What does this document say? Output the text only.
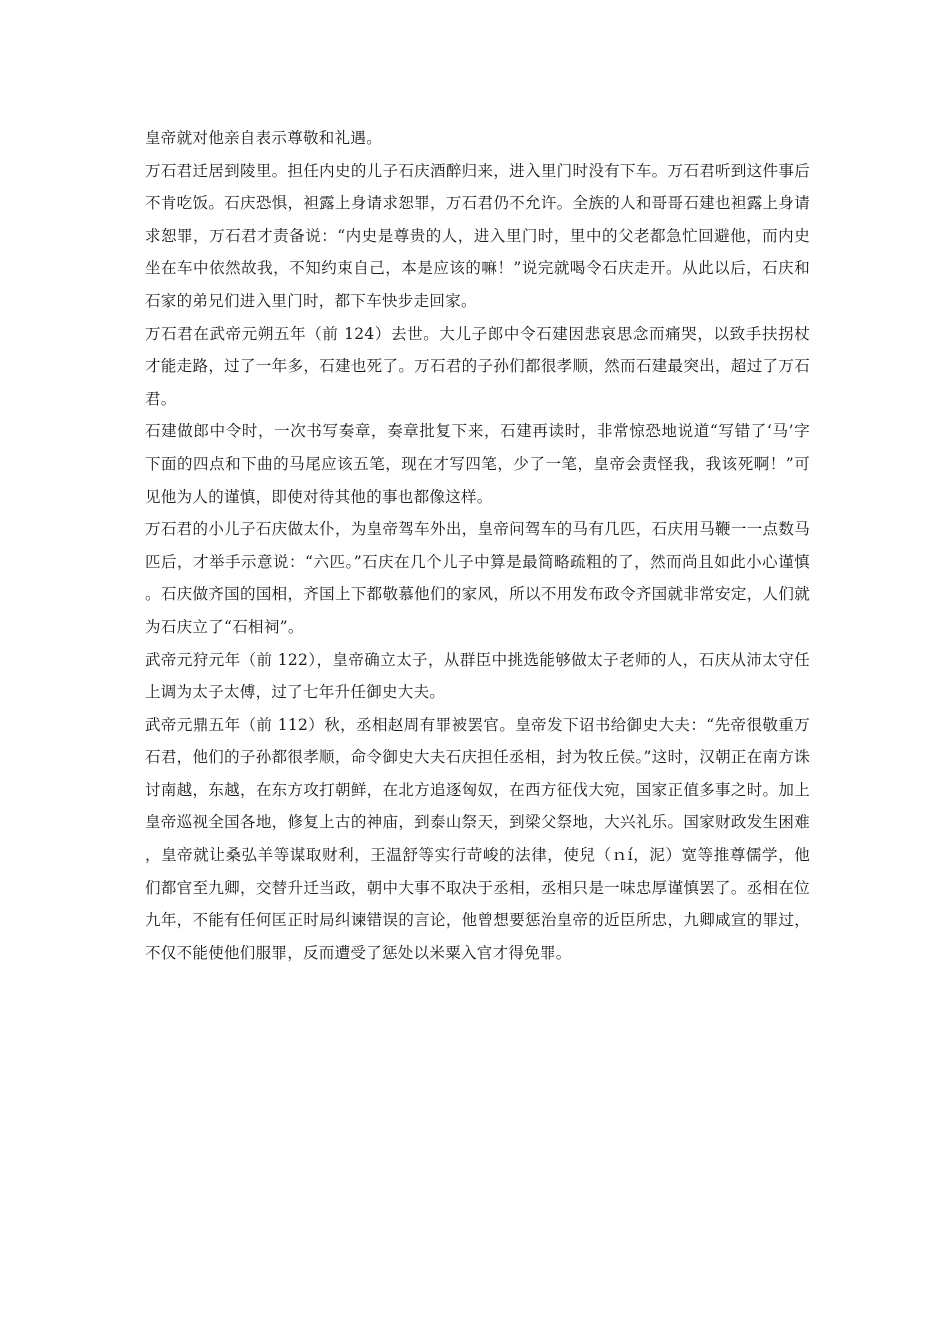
皇帝就对他亲自表示尊敬和礼遇。

万石君迁居到陵里。担任内史的儿子石庆酒醉归来，进入里门时没有下车。万石君听到这件事后不肯吃饭。石庆恐惧，袒露上身请求恕罪，万石君仍不允许。全族的人和哥哥石建也袒露上身请求恕罪，万石君才责备说：“内史是尊贵的人，进入里门时，里中的父老都急忙回避他，而内史坐在车中依然故我，不知约束自己，本是应该的嘛！”说完就喝令石庆走开。从此以后，石庆和石家的弟兄们进入里门时，都下车快步走回家。

万石君在武帝元朔五年（前 124）去世。大儿子郎中令石建因悲哀思念而痛哭，以致手扶拐杖才能走路，过了一年多，石建也死了。万石君的子孙们都很孝顺，然而石建最突出，超过了万石君。

石建做郎中令时，一次书写奏章，奏章批复下来，石建再读时，非常惊恐地说道“写错了‘马’字下面的四点和下曲的马尾应该五笔，现在才写四笔，少了一笔，皇帝会责怪我，我该死啊！”可见他为人的谨慎，即使对待其他的事也都像这样。

万石君的小儿子石庆做太仆，为皇帝驾车外出，皇帝问驾车的马有几匹，石庆用马鞭一一点数马匹后，才举手示意说：“六匹。”石庆在几个儿子中算是最简略疏粗的了，然而尚且如此小心谨慎。石庆做齐国的国相，齐国上下都敬慕他们的家风，所以不用发布政令齐国就非常安定，人们就为石庆立了“石相祠”。

武帝元狩元年（前 122），皇帝确立太子，从群臣中挑选能够做太子老师的人，石庆从沛太守任上调为太子太傅，过了七年升任御史大夫。

武帝元鼎五年（前 112）秋，丞相赵周有罪被罢官。皇帝发下诏书给御史大夫：“先帝很敬重万石君，他们的子孙都很孝顺，命令御史大夫石庆担任丞相，封为牧丘侯。”这时，汉朝正在南方诛讨南越，东越，在东方攻打朝鲜，在北方追逐匈奴，在西方征伐大宛，国家正值多事之时。加上皇帝巡视全国各地，修复上古的神庙，到泰山祭天，到梁父祭地，大兴礼乐。国家财政发生困难，皇帝就让桑弘羊等谋取财利，王温舒等实行苛峻的法律，使兒（ｎí，泥）宽等推尊儒学，他们都官至九卿，交替升迁当政，朝中大事不取决于丞相，丞相只是一味忠厚谨慎罢了。丞相在位九年，不能有任何匡正时局纠谏错误的言论，他曾想要惩治皇帝的近臣所忠，九卿咸宣的罪过，不仅不能使他们服罪，反而遭受了惩处以米粟入官才得免罪。
